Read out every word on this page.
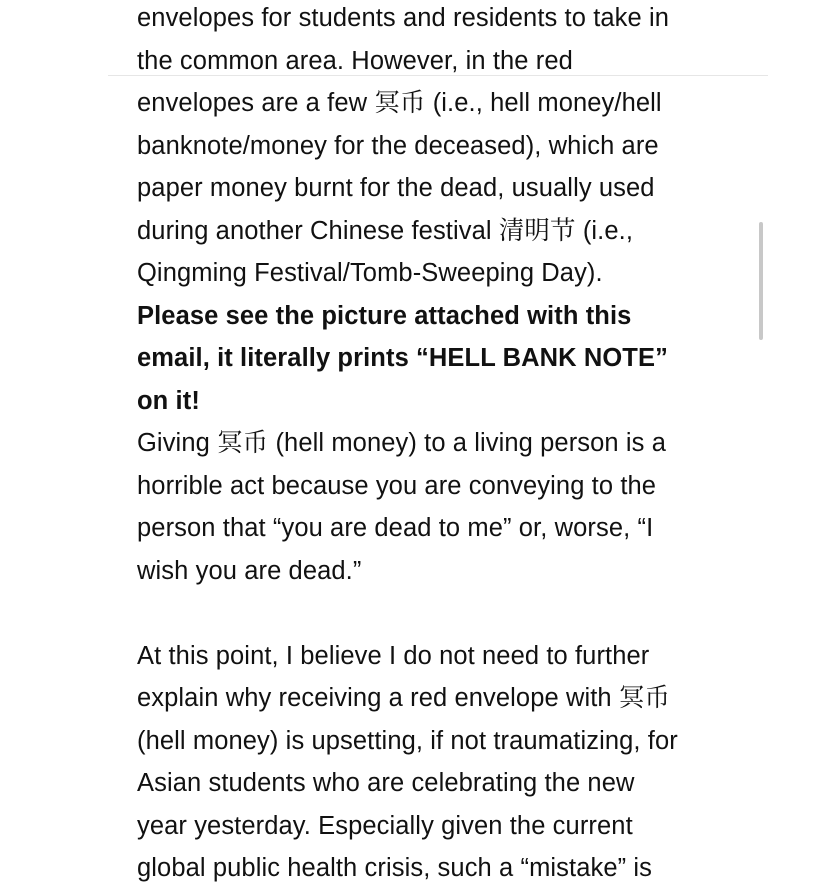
envelopes for students and residents to take in
the common area. However, in the red
envelopes are a few 冥币 (i.e., hell money/hell
banknote/money for the deceased), which are
paper money burnt for the dead, usually used
during another Chinese festival 清明节 (i.e.,
Qingming Festival/Tomb-Sweeping Day).
Please see the picture attached with this
email, it literally prints “HELL BANK NOTE”
on it!
Giving 冥币 (hell money) to a living person is a
horrible act because you are conveying to the
person that “you are dead to me” or, worse, “I
wish you are dead.”
At this point, I believe I do not need to further
explain why receiving a red envelope with 冥币
(hell money) is upsetting, if not traumatizing, for
Asian students who are celebrating the new
year yesterday. Especially given the current
global public health crisis, such a “mistake” is
